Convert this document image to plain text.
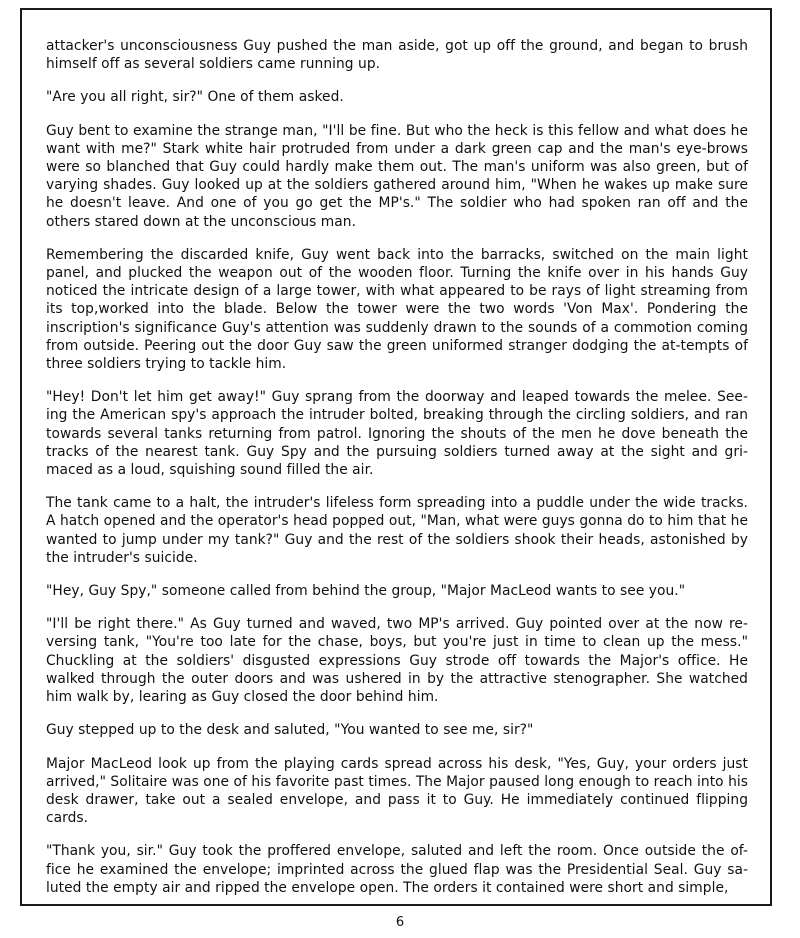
attacker's unconsciousness Guy pushed the man aside, got up off the ground, and began to brush himself off as several soldiers came running up.

"Are you all right, sir?" One of them asked.

Guy bent to examine the strange man, "I'll be fine. But who the heck is this fellow and what does he want with me?" Stark white hair protruded from under a dark green cap and the man's eye-brows were so blanched that Guy could hardly make them out. The man's uniform was also green, but of varying shades. Guy looked up at the soldiers gathered around him, "When he wakes up make sure he doesn't leave. And one of you go get the MP's." The soldier who had spoken ran off and the others stared down at the unconscious man.

Remembering the discarded knife, Guy went back into the barracks, switched on the main light panel, and plucked the weapon out of the wooden floor. Turning the knife over in his hands Guy noticed the intricate design of a large tower, with what appeared to be rays of light streaming from its top,worked into the blade. Below the tower were the two words 'Von Max'. Pondering the inscription's significance Guy's attention was suddenly drawn to the sounds of a commotion coming from outside. Peering out the door Guy saw the green uniformed stranger dodging the at-tempts of three soldiers trying to tackle him.

"Hey! Don't let him get away!" Guy sprang from the doorway and leaped towards the melee. See-ing the American spy's approach the intruder bolted, breaking through the circling soldiers, and ran towards several tanks returning from patrol. Ignoring the shouts of the men he dove beneath the tracks of the nearest tank. Guy Spy and the pursuing soldiers turned away at the sight and gri-maced as a loud, squishing sound filled the air.

The tank came to a halt, the intruder's lifeless form spreading into a puddle under the wide tracks. A hatch opened and the operator's head popped out, "Man, what were guys gonna do to him that he wanted to jump under my tank?" Guy and the rest of the soldiers shook their heads, astonished by the intruder's suicide.

"Hey, Guy Spy," someone called from behind the group, "Major MacLeod wants to see you."

"I'll be right there." As Guy turned and waved, two MP's arrived. Guy pointed over at the now re-versing tank, "You're too late for the chase, boys, but you're just in time to clean up the mess." Chuckling at the soldiers' disgusted expressions Guy strode off towards the Major's office. He walked through the outer doors and was ushered in by the attractive stenographer. She watched him walk by, learing as Guy closed the door behind him.

Guy stepped up to the desk and saluted, "You wanted to see me, sir?"

Major MacLeod look up from the playing cards spread across his desk, "Yes, Guy, your orders just arrived," Solitaire was one of his favorite past times. The Major paused long enough to reach into his desk drawer, take out a sealed envelope, and pass it to Guy. He immediately continued flipping cards.

"Thank you, sir." Guy took the proffered envelope, saluted and left the room. Once outside the of-fice he examined the envelope; imprinted across the glued flap was the Presidential Seal. Guy sa-luted the empty air and ripped the envelope open. The orders it contained were short and simple,

6
